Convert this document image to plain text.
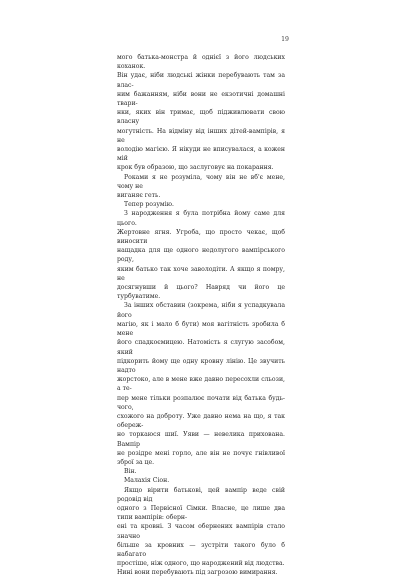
19

мого батька-монстра й однієї з його людських коханок.
Він удає, ніби людські жінки перебувають там за влас-
ним бажанням, ніби вони не екзотичні домашні твари-
нки, яких він тримає, щоб підживлювати свою власну
могутність. На відміну від інших дітей-вампірів, я не
володію магією. Я нікуди не вписувалася, а кожен мій
крок був образою, що заслуговує на покарання.

Роками я не розуміла, чому він не вб'є мене, чому не
виганяє геть.

Тепер розумію.

З народження я була потрібна йому саме для цього.
Жертовне ягня. Угроба, що просто чекає, щоб виносити
нащадка для ще одного недолугого вампірського роду,
яким батько так хоче заволодіти. А якщо я помру, не
досягнувши й цього? Навряд чи його це турбуватиме.

За інших обставин (зокрема, ніби я успадкувала його
магію, як і мало б бути) моя вагітність зробила б мене
його спадкоємицею. Натомість я слугую засобом, який
підкорить йому ще одну кровну лінію. Це звучить надто
жорстоко, але в мене вже давно пересохли сльози, а те-
пер мене тільки розпалює почати від батька будь-чого,
схожого на доброту. Уже давно нема на що, я так обереж-
но торкаюся шиї. Уяви — невелика прихована. Вампір
не розідре мені горло, але він не почує гнівливої зброї за це.

Він.

Малахія Сіон.

Якщо вірити батькові, цей вампір веде свій родовід від
одного з Первісної Сімки. Власне, це лише два типи вампірів: оберн-
ені та кровні. З часом обернених вампірів стало значно
більше за кровних — зустріти такого було б набагато
простіше, ніж одного, що народжений від людства.
Нині вони перебувають під загрозою вимирання.
